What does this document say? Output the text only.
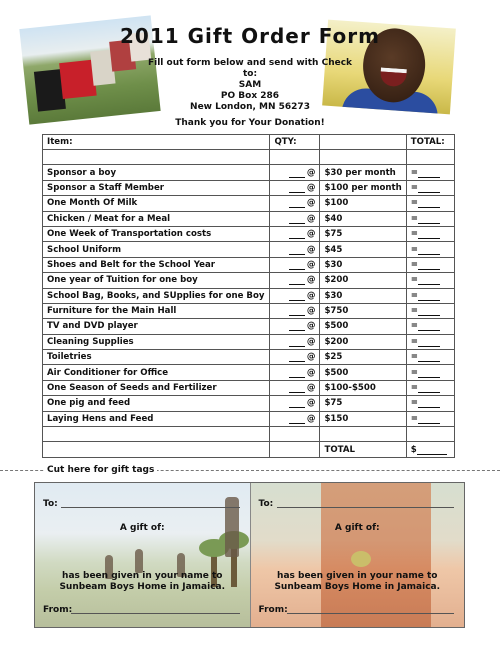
2011 Gift Order Form
Fill out form below and send with Check to:
SAM
PO Box 286
New London, MN 56273
Thank you for Your Donation!
Item:	QTY:		TOTAL:

Sponsor a boy	@	$30 per month	=
Sponsor a Staff Member	@	$100 per month	=
One Month Of Milk	@	$100	=
Chicken / Meat for a Meal	@	$40	=
One Week of Transportation costs	@	$75	=
School Uniform	@	$45	=
Shoes and Belt for the School Year	@	$30	=
One year of Tuition for one boy	@	$200	=
School Bag, Books, and SUpplies for one Boy	@	$30	=
Furniture for the Main Hall	@	$750	=
TV and DVD player	@	$500	=
Cleaning Supplies	@	$200	=
Toiletries	@	$25	=
Air Conditioner for Office	@	$500	=
One Season of Seeds and Fertilizer	@	$100-$500	=
One pig and feed	@	$75	=
Laying Hens and Feed	@	$150	=

		TOTAL	$
Cut here for gift tags
To:
A gift of:
has been given in your name to
Sunbeam Boys Home in Jamaica.
From:
To:
A gift of:
has been given in your name to
Sunbeam Boys Home in Jamaica.
From:
